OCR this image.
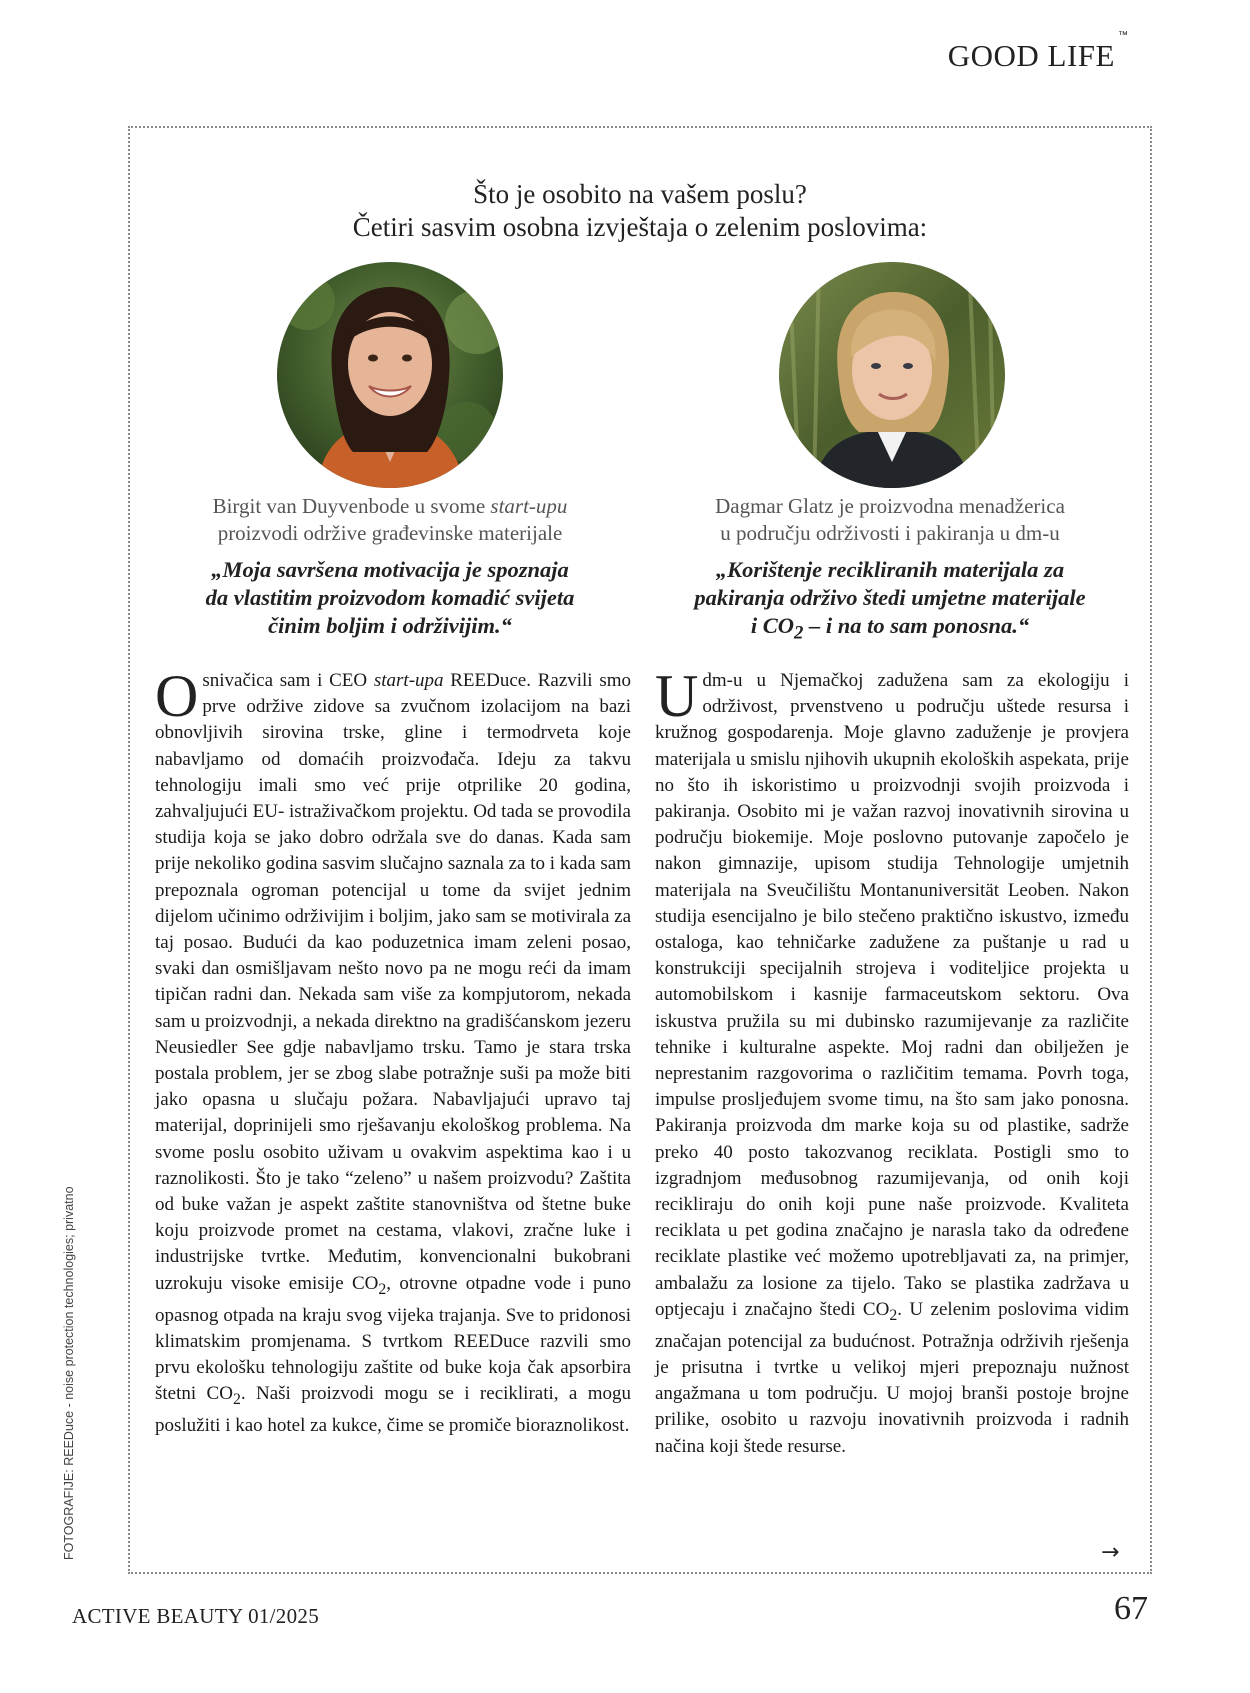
GOOD LIFE
™
Što je osobito na vašem poslu?
Četiri sasvim osobna izvještaja o zelenim poslovima:
Birgit van Duyvenbode u svome start-upu
proizvodi održive građevinske materijale
„Moja savršena motivacija je spoznaja
da vlastitim proizvodom komadić svijeta
činim boljim i održivijim.“
Dagmar Glatz je proizvodna menadžerica
u području održivosti i pakiranja u dm-u
„Korištenje recikliranih materijala za
pakiranja održivo štedi umjetne materijale
i $CO_2$ – i na to sam ponosna.“
Osnivačica sam i CEO start-upa REEDuce. Razvili smo prve održive zidove sa zvučnom izolacijom na bazi obnovljivih sirovina trske, gline i termodrveta koje nabavljamo od domaćih proizvođača. Ideju za takvu tehnologiju imali smo već prije otprilike 20 godina, zahvaljujući EU- istraživačkom projektu. Od tada se provodila studija koja se jako dobro održala sve do danas. Kada sam prije nekoliko godina sasvim slučajno saznala za to i kada sam prepoznala ogroman potencijal u tome da svijet jednim dijelom učinimo održivijim i boljim, jako sam se motivirala za taj posao. Budući da kao poduzetnica imam zeleni posao, svaki dan osmišljavam nešto novo pa ne mogu reći da imam tipičan radni dan. Nekada sam više za kompjutorom, nekada sam u proizvodnji, a nekada direktno na gradišćanskom jezeru Neusiedler See gdje nabavljamo trsku. Tamo je stara trska postala problem, jer se zbog slabe potražnje suši pa može biti jako opasna u slučaju požara. Nabavljajući upravo taj materijal, doprinijeli smo rješavanju ekološkog problema. Na svome poslu osobito uživam u ovakvim aspektima kao i u raznolikosti. Što je tako “zeleno” u našem proizvodu? Zaštita od buke važan je aspekt zaštite stanovništva od štetne buke koju proizvode promet na cestama, vlakovi, zračne luke i industrijske tvrtke. Međutim, konvencionalni bukobrani uzrokuju visoke emisije $CO_2$, otrovne otpadne vode i puno opasnog otpada na kraju svog vijeka trajanja. Sve to pridonosi klimatskim promjenama. S tvrtkom REEDuce razvili smo prvu ekološku tehnologiju zaštite od buke koja čak apsorbira štetni $CO_2$. Naši proizvodi mogu se i reciklirati, a mogu poslužiti i kao hotel za kukce, čime se promiče bioraznolikost.
Udm-u u Njemačkoj zadužena sam za ekologiju i održivost, prvenstveno u području uštede resursa i kružnog gospodarenja. Moje glavno zaduženje je provjera materijala u smislu njihovih ukupnih ekoloških aspekata, prije no što ih iskoristimo u proizvodnji svojih proizvoda i pakiranja. Osobito mi je važan razvoj inovativnih sirovina u području biokemije. Moje poslovno putovanje započelo je nakon gimnazije, upisom studija Tehnologije umjetnih materijala na Sveučilištu Montanuniversität Leoben. Nakon studija esencijalno je bilo stečeno praktično iskustvo, između ostaloga, kao tehničarke zadužene za puštanje u rad u konstrukciji specijalnih strojeva i voditeljice projekta u automobilskom i kasnije farmaceutskom sektoru. Ova iskustva pružila su mi dubinsko razumijevanje za različite tehnike i kulturalne aspekte. Moj radni dan obilježen je neprestanim razgovorima o različitim temama. Povrh toga, impulse prosljeđujem svome timu, na što sam jako ponosna. Pakiranja proizvoda dm marke koja su od plastike, sadrže preko 40 posto takozvanog reciklata. Postigli smo to izgradnjom međusobnog razumijevanja, od onih koji recikliraju do onih koji pune naše proizvode. Kvaliteta reciklata u pet godina značajno je narasla tako da određene reciklate plastike već možemo upotrebljavati za, na primjer, ambalažu za losione za tijelo. Tako se plastika zadržava u optjecaju i značajno štedi $CO_2$. U zelenim poslovima vidim značajan potencijal za budućnost. Potražnja održivih rješenja je prisutna i tvrtke u velikoj mjeri prepoznaju nužnost angažmana u tom području. U mojoj branši postoje brojne prilike, osobito u razvoju inovativnih proizvoda i radnih načina koji štede resurse.
→
FOTOGRAFIJE: REEDuce - noise protection technologies; privatno
ACTIVE BEAUTY 01/2025	67
